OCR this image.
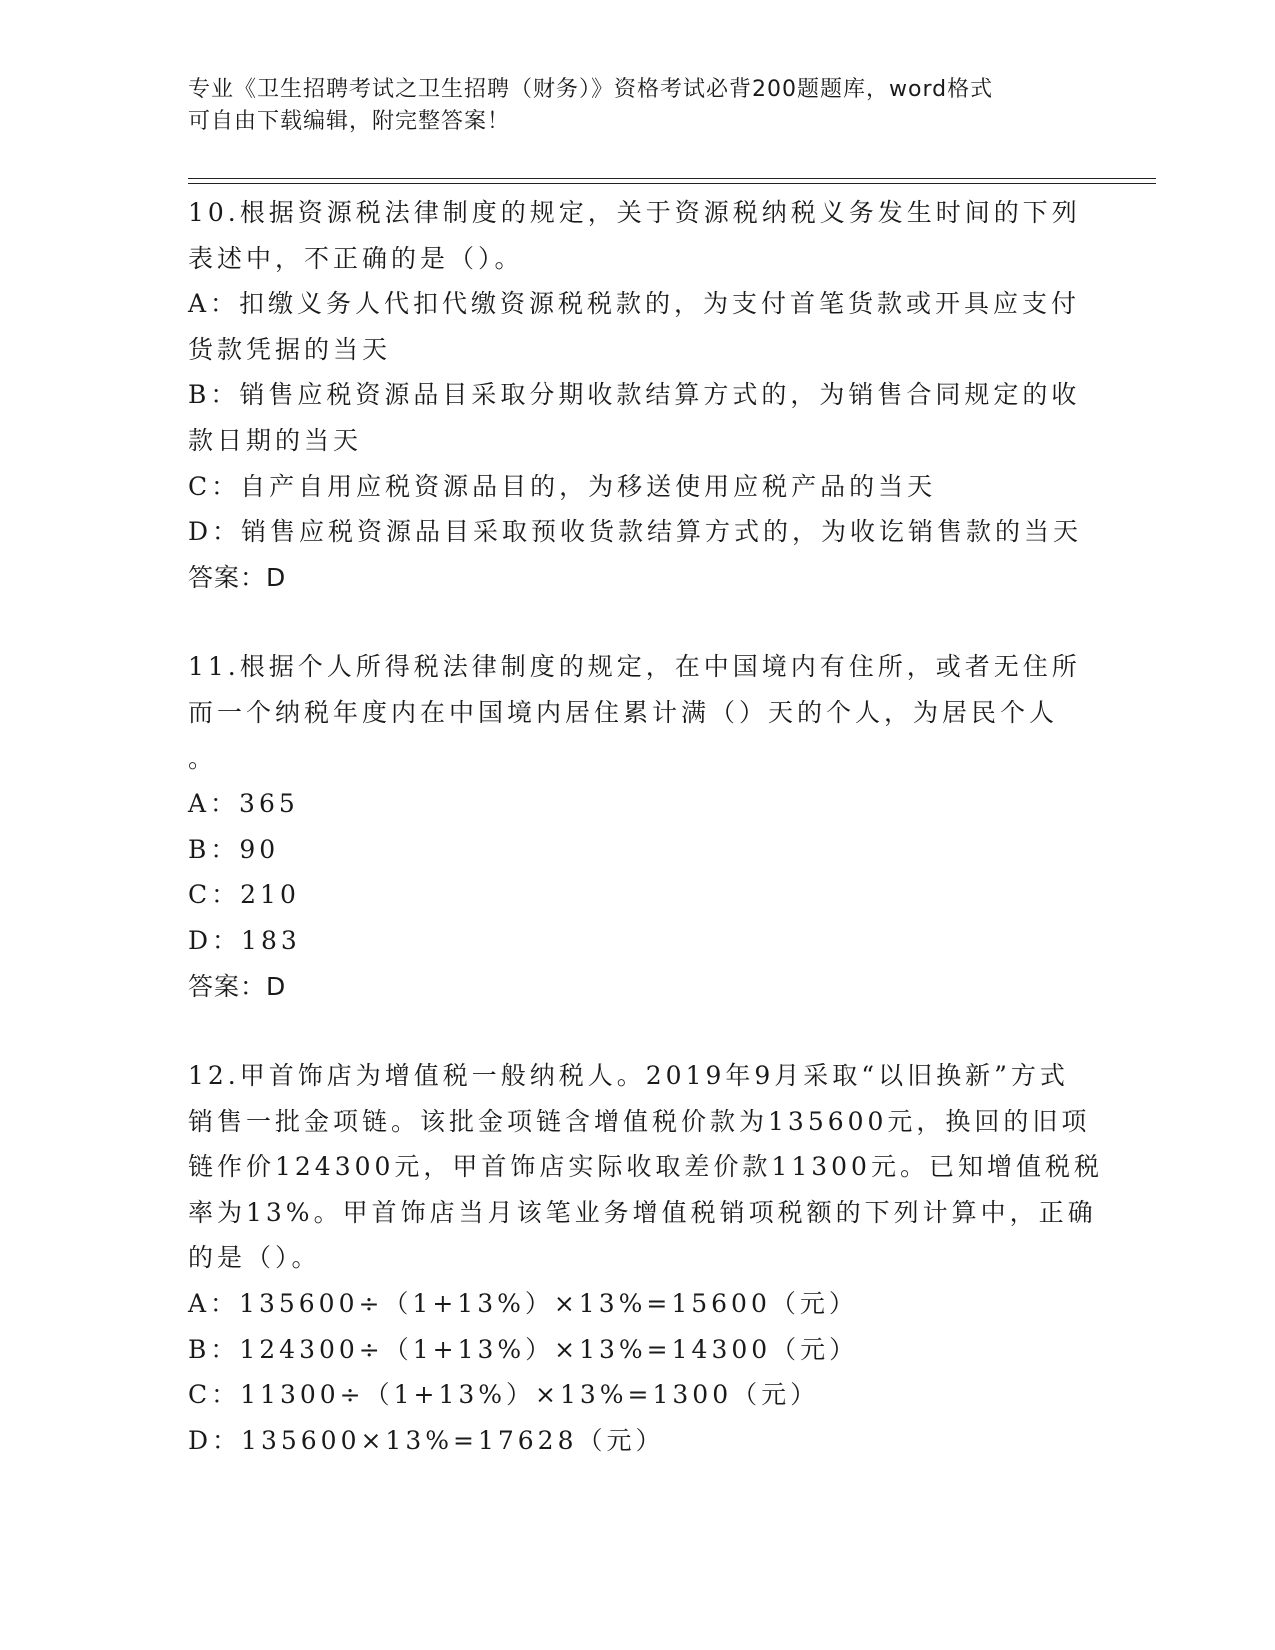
专业《卫生招聘考试之卫生招聘（财务）》资格考试必背200题题库，word格式
可自由下载编辑，附完整答案！
10.根据资源税法律制度的规定，关于资源税纳税义务发生时间的下列
表述中，不正确的是（）。
A：扣缴义务人代扣代缴资源税税款的，为支付首笔货款或开具应支付
货款凭据的当天
B：销售应税资源品目采取分期收款结算方式的，为销售合同规定的收
款日期的当天
C：自产自用应税资源品目的，为移送使用应税产品的当天
D：销售应税资源品目采取预收货款结算方式的，为收讫销售款的当天
答案：D
11.根据个人所得税法律制度的规定，在中国境内有住所，或者无住所
而一个纳税年度内在中国境内居住累计满（）天的个人，为居民个人
。
A：365
B：90
C：210
D：183
答案：D
12.甲首饰店为增值税一般纳税人。2019年9月采取“以旧换新”方式
销售一批金项链。该批金项链含增值税价款为135600元，换回的旧项
链作价124300元，甲首饰店实际收取差价款11300元。已知增值税税
率为13%。甲首饰店当月该笔业务增值税销项税额的下列计算中，正确
的是（）。
A：135600÷（1+13%）×13%=15600（元）
B：124300÷（1+13%）×13%=14300（元）
C：11300÷（1+13%）×13%=1300（元）
D：135600×13%=17628（元）
